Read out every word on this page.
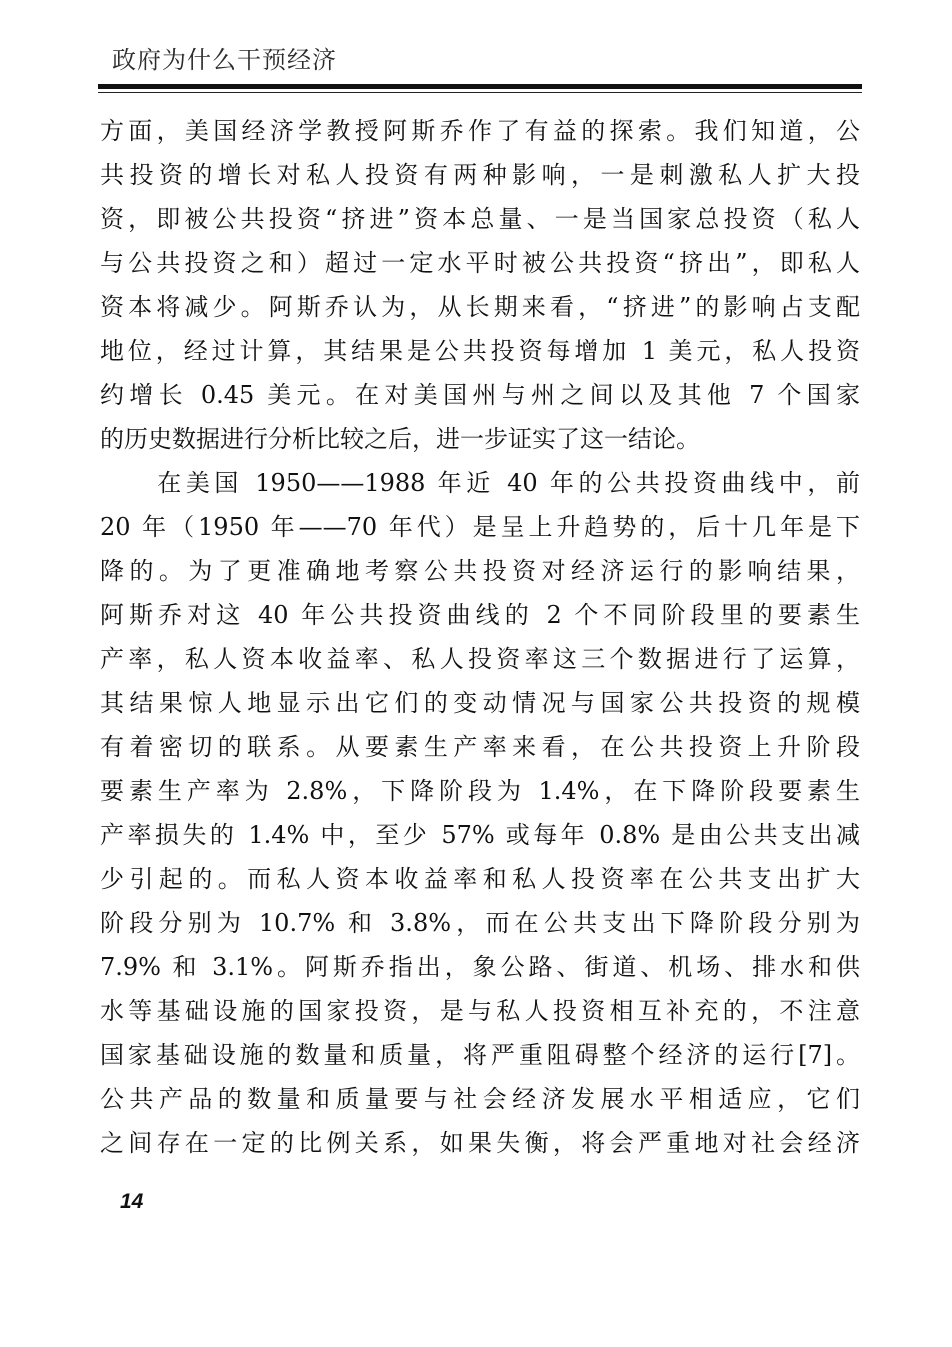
政府为什么干预经济
方面，美国经济学教授阿斯乔作了有益的探索。我们知道，公
共投资的增长对私人投资有两种影响，一是刺激私人扩大投
资，即被公共投资“挤进”资本总量、一是当国家总投资（私人
与公共投资之和）超过一定水平时被公共投资“挤出”，即私人
资本将减少。阿斯乔认为，从长期来看，“挤进”的影响占支配
地位，经过计算，其结果是公共投资每增加 1 美元，私人投资
约增长 0.45 美元。在对美国州与州之间以及其他 7 个国家
的历史数据进行分析比较之后，进一步证实了这一结论。
　　在美国 1950——1988 年近 40 年的公共投资曲线中，前
20 年（1950 年——70 年代）是呈上升趋势的，后十几年是下
降的。为了更准确地考察公共投资对经济运行的影响结果，
阿斯乔对这 40 年公共投资曲线的 2 个不同阶段里的要素生
产率，私人资本收益率、私人投资率这三个数据进行了运算，
其结果惊人地显示出它们的变动情况与国家公共投资的规模
有着密切的联系。从要素生产率来看，在公共投资上升阶段
要素生产率为 2.8%，下降阶段为 1.4%，在下降阶段要素生
产率损失的 1.4% 中，至少 57% 或每年 0.8% 是由公共支出减
少引起的。而私人资本收益率和私人投资率在公共支出扩大
阶段分别为 10.7% 和 3.8%，而在公共支出下降阶段分别为
7.9% 和 3.1%。阿斯乔指出，象公路、街道、机场、排水和供
水等基础设施的国家投资，是与私人投资相互补充的，不注意
国家基础设施的数量和质量，将严重阻碍整个经济的运行[7]。
公共产品的数量和质量要与社会经济发展水平相适应，它们
之间存在一定的比例关系，如果失衡，将会严重地对社会经济
14
